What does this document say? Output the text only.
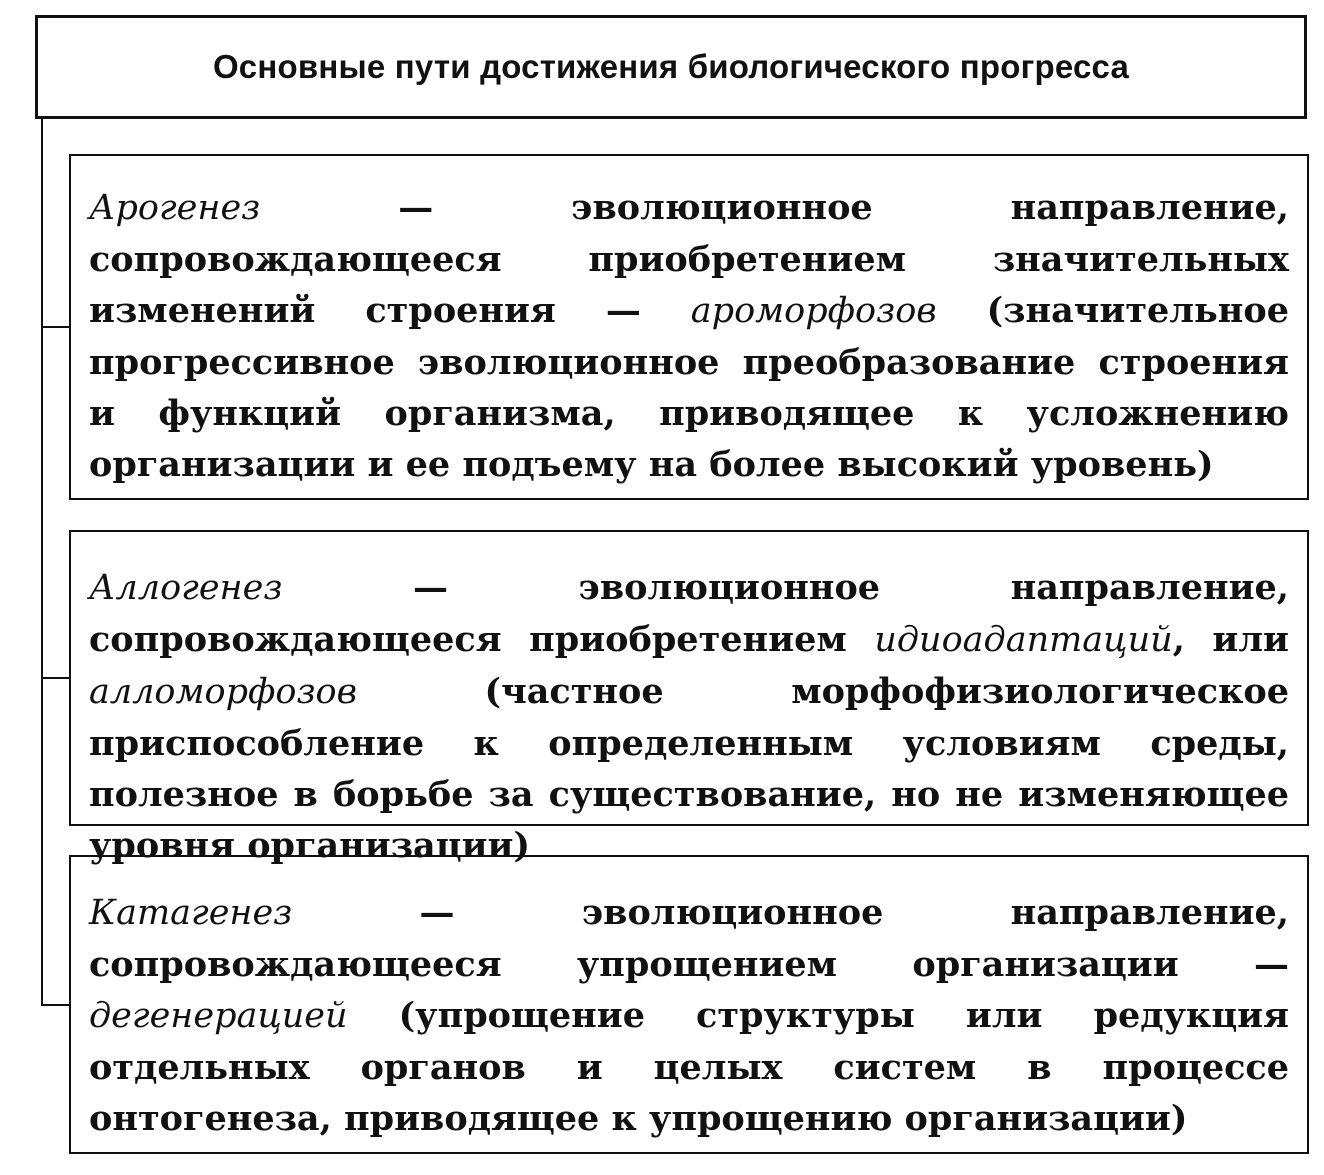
Основные пути достижения биологического прогресса

Арогенез — эволюционное направление, сопровождающееся приобретением значительных изменений строения — ароморфозов (значительное прогрессивное эволюционное преобразование строения и функций организма, приводящее к усложнению организации и ее подъему на более высокий уровень)

Аллогенез — эволюционное направление, сопровождающееся приобретением идиоадаптаций, или алломорфозов (частное морфофизиологическое приспособление к определенным условиям среды, полезное в борьбе за существование, но не изменяющее уровня организации)

Катагенез — эволюционное направление, сопровождающееся упрощением организации — дегенерацией (упрощение структуры или редукция отдельных органов и целых систем в процессе онтогенеза, приводящее к упрощению организации)
